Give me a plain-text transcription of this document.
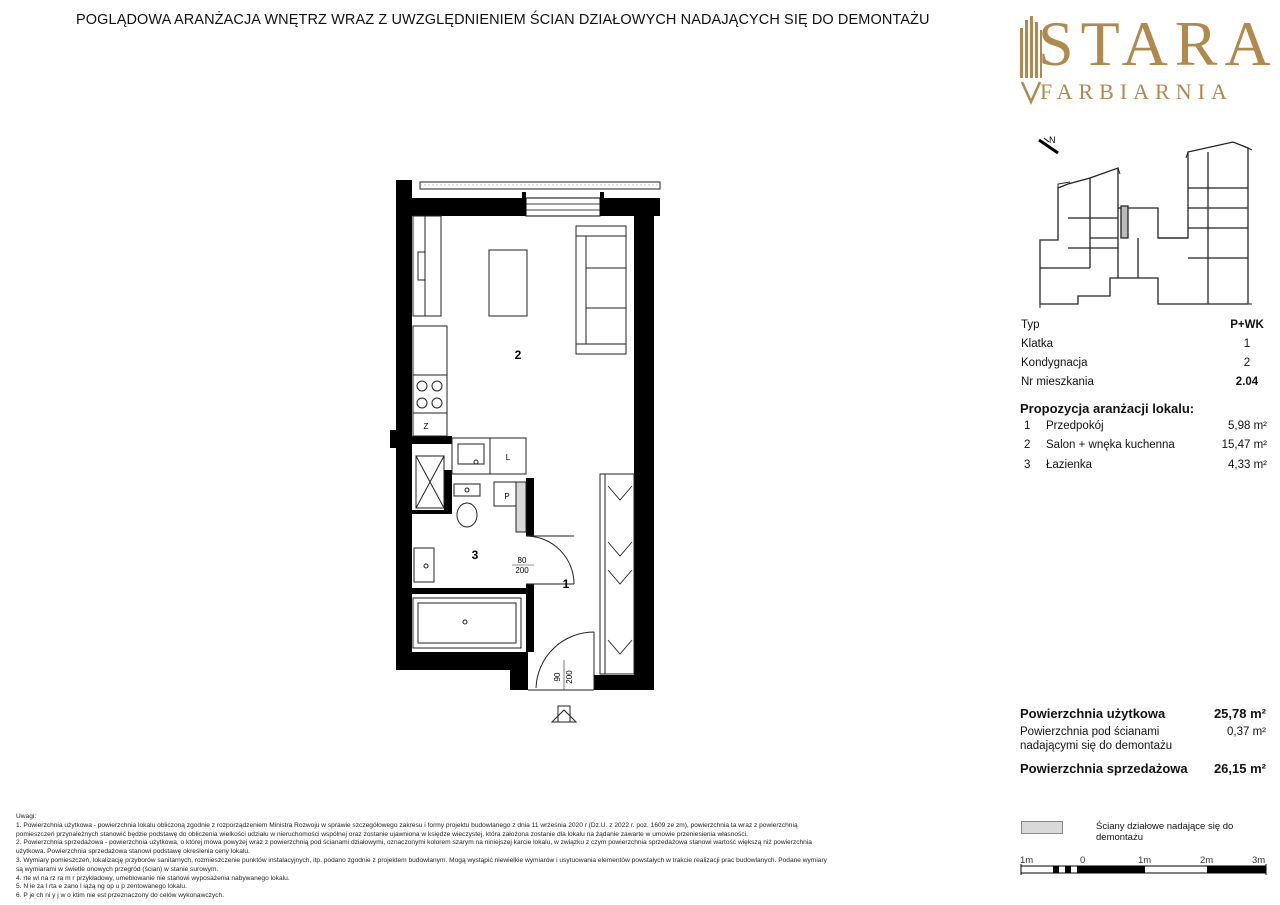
POGLĄDOWA ARANŻACJA WNĘTRZ WRAZ Z UWZGLĘDNIENIEM ŚCIAN DZIAŁOWYCH NADAJĄCYCH SIĘ DO DEMONTAŻU STARA
FARBIARNIA
N
Typ	P+WK
Klatka	1
Kondygnacja	2
Nr mieszkania	2.04
Propozycja aranżacji lokalu:
1	Przedpokój	5,98 m²
2	Salon + wnęka kuchenna	15,47 m²
3	Łazienka	4,33 m²
Powierzchnia użytkowa	25,78 m²
Powierzchnia pod ścianami
nadającymi się do demontażu
0,37 m²
Powierzchnia sprzedażowa 26,15 m²
Ściany działowe nadające się do demontażu
1m	0	1m	2m	3m

Uwagi:

1. Powierzchnia użytkowa - powierzchnia lokalu obliczoną zgodnie z rozporządzeniem Ministra Rozwoju w sprawie szczegółowego zakresu i formy projektu budowlanego z dnia 11 września 2020 r (Dz.U. z 2022 r. poz. 1609 ze zm), powierzchnia ta wraz z powierzchnią

pomieszczeń przynależnych stanowić będzie podstawę do obliczenia wielkości udziału w nieruchomości wspólnej oraz zostanie ujawniona w księdze wieczystej, która założona zostanie dla lokalu na żądanie zawarte w umowie przeniesienia własności.

2. Powierzchnia sprzedażowa - powierzchnia użytkowa, o której mowa powyżej wraz z powierzchnią pod ścianami działowymi, oznaczonymi kolorem szarym na niniejszej karcie lokalu, w związku z czym powierzchnia sprzedażowa stanowi wartość większą niż powierzchnia

użytkowa. Powierzchnia sprzedażowa stanowi podstawę określenia ceny lokalu.

3. Wymiary pomieszczeń, lokalizację przyborów sanitarnych, rozmieszczenie punktów instalacyjnych, itp. podano zgodnie z projektem budowlanym. Mogą wystąpić niewielkie wymiarów i usytuowania elementów powstałych w trakcie realizacji prac budowlanych. Podane wymiary

są wymiarami w świetle onowych przegród (ścian) w stanie surowym.

4. rte wi na rz ra m r przykładowy, umeblowanie nie stanowi wyposażenia nabywanego lokalu.

5. N ie za l rta e zano l iążą ng op u p zentowanego lokalu.

6. P je ch ni y j w o ktim nie est przeznaczony do celów wykonawczych.

Z
L
P
80
200
90 200
2
3
1
